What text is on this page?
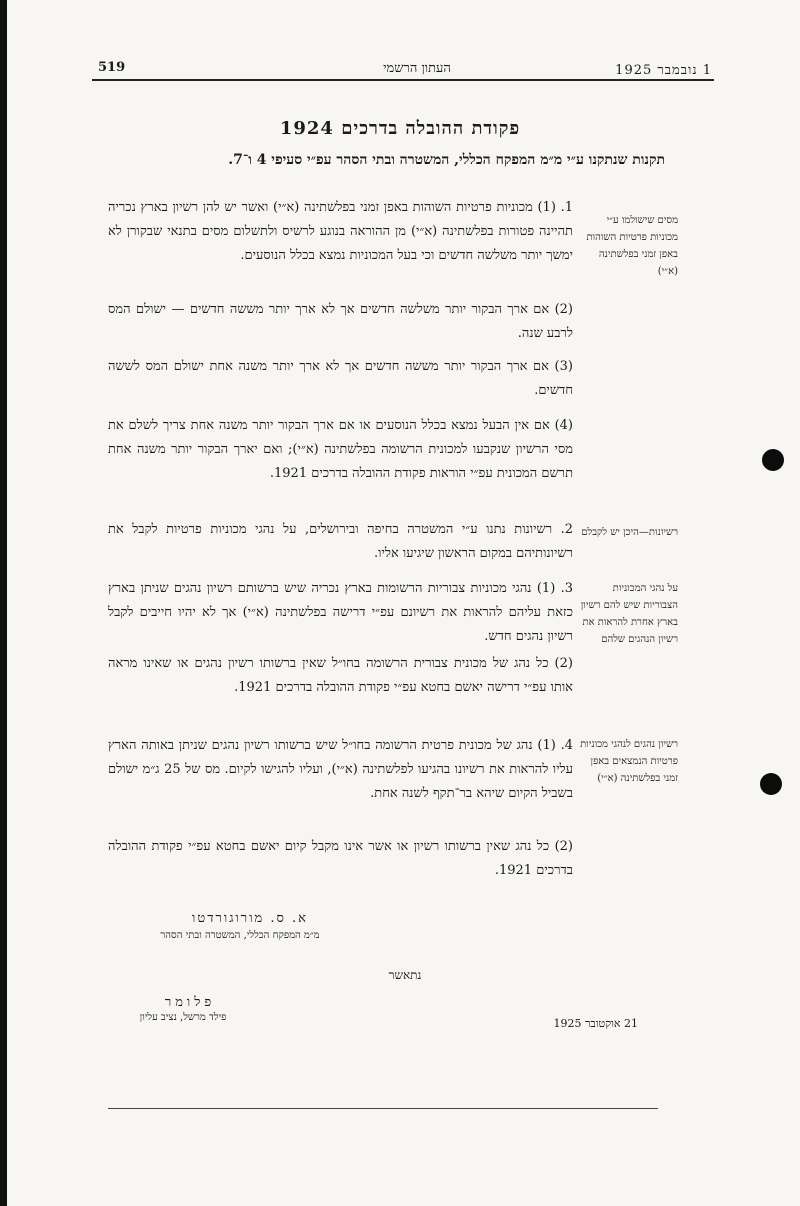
519	העתון הרשמי	1 נובמבר 1925
פקודת ההובלה בדרכים 1924
תקנות שנתקנו ע״י מ״מ המפקח הכללי, המשטרה ובתי הסהר עפ״י סעיפי 4 ו־7.
מסים שישולמו ע״י מכוניות פרטיות השוהות באפן זמני בפלשתינה (א״י)
1. (1) מכוניות פרטיות השוהות באפן זמני בפלשתינה (א״י) ואשר יש להן רשיון בארץ נכריה תהיינה פטורות בפלשתינה (א״י) מן ההוראה בנוגע לרשיס ולתשלום מסים בתנאי שבקורן לא ימשך יותר משלשה חדשים וכי בעל המכוניות נמצא בכלל הנוסעים.
(2) אם ארך הבקור יותר משלשה חדשים אך לא ארך יותר מששה חדשים — ישולם המס לרבע שנה.
(3) אם ארך הבקור יותר מששה חדשים אך לא ארך יותר משנה אחת ישולם המס לששה חדשים.
(4) אם אין הבעל נמצא בכלל הנוסעים או אם ארך הבקור יותר משנה אחת צריך לשלם את מסי הרשיון שנקבעו למכונית הרשומה בפלשתינה (א״י); ואם יארך הבקור יותר משנה אחת תרשם המכונית עפ״י הוראות פקודת ההובלה בדרכים 1921.
רשיונות—היכן יש לקבלם
2. רשיונות נתנו ע״י המשטרה בחיפה ובירושלים, על נהגי מכוניות פרטיות לקבל את רשיונותיהם במקום הראשון שיגיעו אליו.
על נהגי המכוניות הצבוריות שיש להם רשיון בארץ אחרת להראות את רשיון הנהגים שלהם
3. (1) נהגי מכוניות צבוריות הרשומות בארץ נכריה שיש ברשותם רשיון נהגים שניתן בארץ כזאת עליהם להראות את רשיונם עפ״י דרישה בפלשתינה (א״י) אך לא יהיו חייבים לקבל רשיון נהגים חדש.
(2) כל נהג של מכונית צבורית הרשומה בחו״ל שאין ברשותו רשיון נהגים או שאינו מראה אותו עפ״י דרישה יאשם בחטא עפ״י פקודת ההובלה בדרכים 1921.
רשיון נהגים לנהגי מכוניות פרטיות הנמצאים באפן זמני בפלשתינה (א״י)
4. (1) נהג של מכונית פרטית הרשומה בחו״ל שיש ברשותו רשיון נהגים שניתן באותה הארץ עליו להראות את רשיונו בהגיעו לפלשתינה (א״י), ועליו להגישו לקיום. מס של 25 ג״מ ישולם בשביל הקיום שיהא בר־תקף לשנה אחת.
(2) כל נהג שאין ברשותו רשיון או אשר אינו מקבל קיום יאשם בחטא עפ״י פקודת ההובלה בדרכים 1921.
א. ס. מורוגורדטו
מ״מ המפקח הכללי, המשטרה ובתי הסהר
נתאשר
פלומר
פילד מרשל, נציב עליון	21 אוקטובר 1925
